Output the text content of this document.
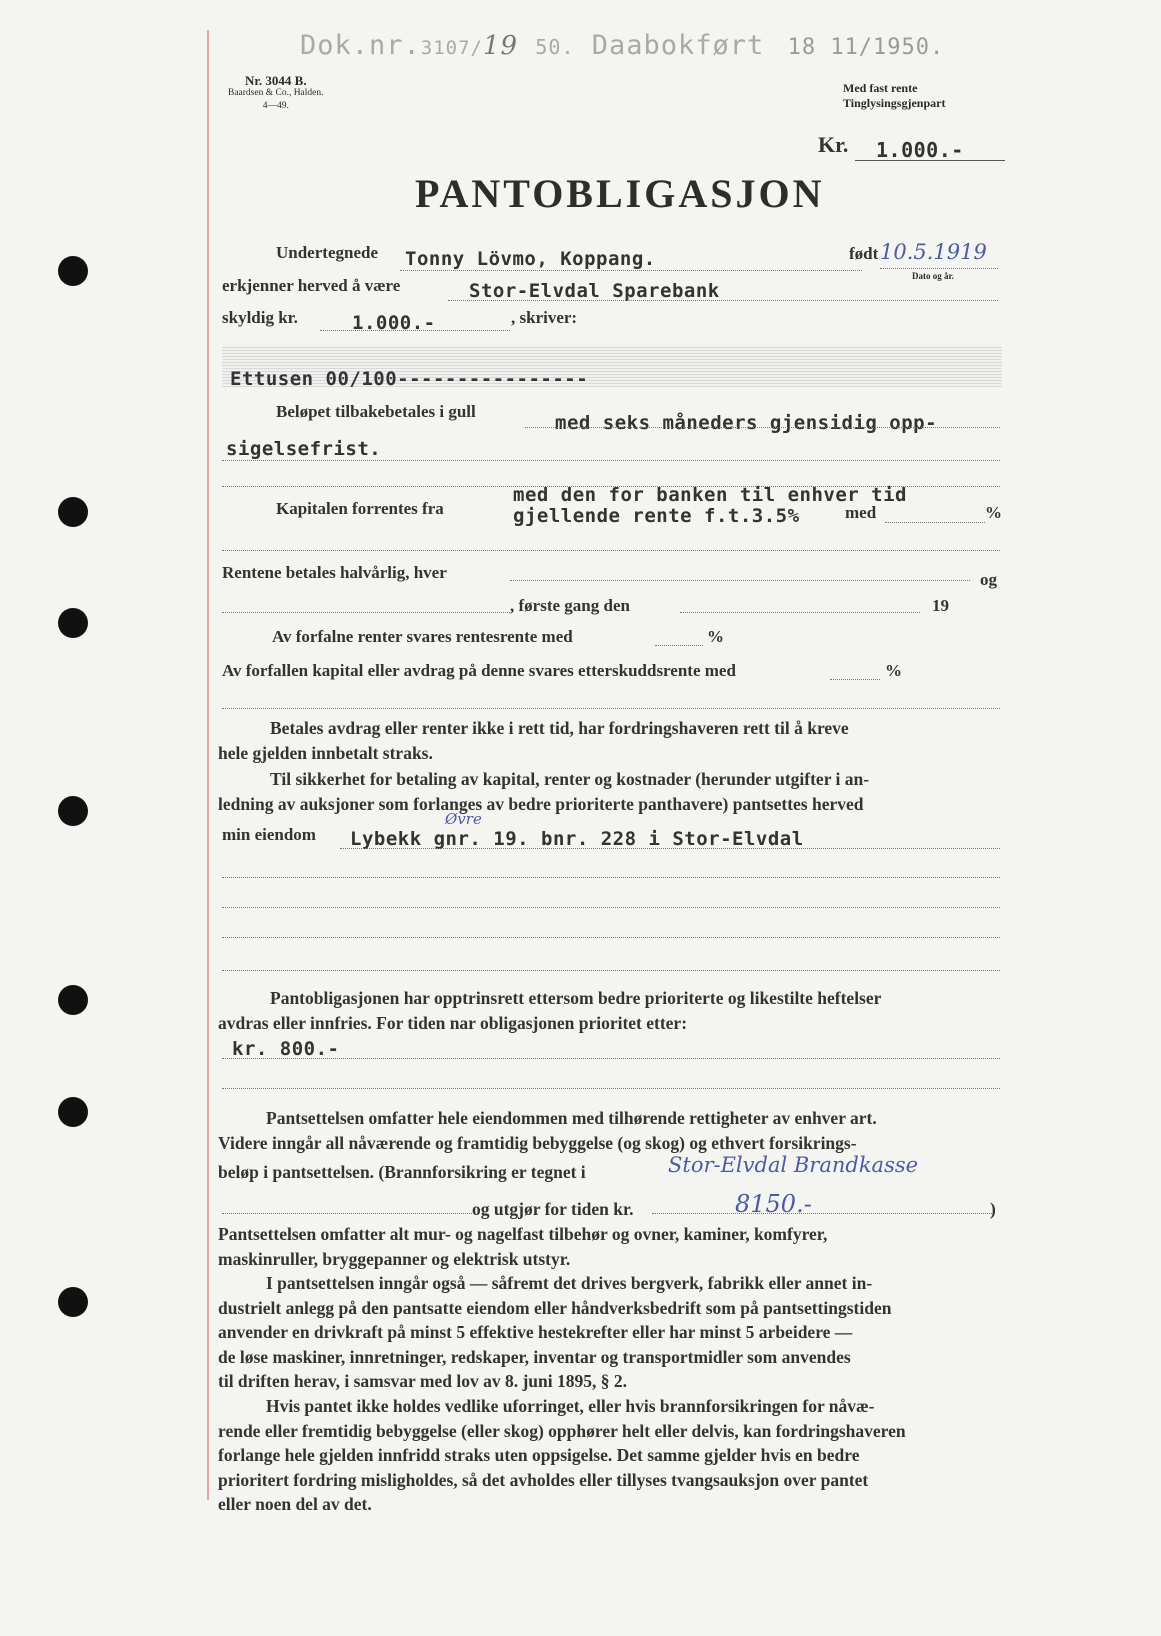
Dok.nr.3107/19 50. Daabokført 18 11/1950.
Nr. 3044 B.
Baardsen & Co., Halden.
4—49.
Med fast rente
Tinglysingsgjenpart
Kr. 1.000.-
PANTOBLIGASJON
Undertegnede Tonny Lövmo, Koppang.	født 10.5.1919
Dato og år.
erkjenner herved å være	Stor-Elvdal Sparebank
skyldig kr.	1.000.-	, skriver:
Ettusen 00/100----------------
Beløpet tilbakebetales i gull
med seks måneders gjensidig opp-
sigelsefrist.
med den for banken til enhver tid
Kapitalen forrentes fra	gjellende rente f.t.3.5%	med	%
Rentene betales halvårlig, hver	og
, første gang den	19
Av forfalne renter svares rentesrente med	%
Av forfallen kapital eller avdrag på denne svares etterskuddsrente med	%
Betales avdrag eller renter ikke i rett tid, har fordringshaveren rett til å kreve
hele gjelden innbetalt straks.
Til sikkerhet for betaling av kapital, renter og kostnader (herunder utgifter i an-
ledning av auksjoner som forlanges av bedre prioriterte panthavere) pantsettes herved
Øvre
min eiendom Lybekk gnr. 19. bnr. 228 i Stor-Elvdal
Pantobligasjonen har opptrinsrett ettersom bedre prioriterte og likestilte heftelser
avdras eller innfries. For tiden nar obligasjonen prioritet etter:
kr. 800.-
Pantsettelsen omfatter hele eiendommen med tilhørende rettigheter av enhver art.
Videre inngår all nåværende og framtidig bebyggelse (og skog) og ethvert forsikrings-
beløp i pantsettelsen. (Brannforsikring er tegnet i	Stor-Elvdal Brandkasse
og utgjør for tiden kr.	8150.-	)
Pantsettelsen omfatter alt mur- og nagelfast tilbehør og ovner, kaminer, komfyrer,
maskinruller, bryggepanner og elektrisk utstyr.
I pantsettelsen inngår også — såfremt det drives bergverk, fabrikk eller annet in-
dustrielt anlegg på den pantsatte eiendom eller håndverksbedrift som på pantsettingstiden
anvender en drivkraft på minst 5 effektive hestekrefter eller har minst 5 arbeidere —
de løse maskiner, innretninger, redskaper, inventar og transportmidler som anvendes
til driften herav, i samsvar med lov av 8. juni 1895, § 2.
Hvis pantet ikke holdes vedlike uforringet, eller hvis brannforsikringen for nåvæ-
rende eller fremtidig bebyggelse (eller skog) opphører helt eller delvis, kan fordringshaveren
forlange hele gjelden innfridd straks uten oppsigelse. Det samme gjelder hvis en bedre
prioritert fordring misligholdes, så det avholdes eller tillyses tvangsauksjon over pantet
eller noen del av det.
